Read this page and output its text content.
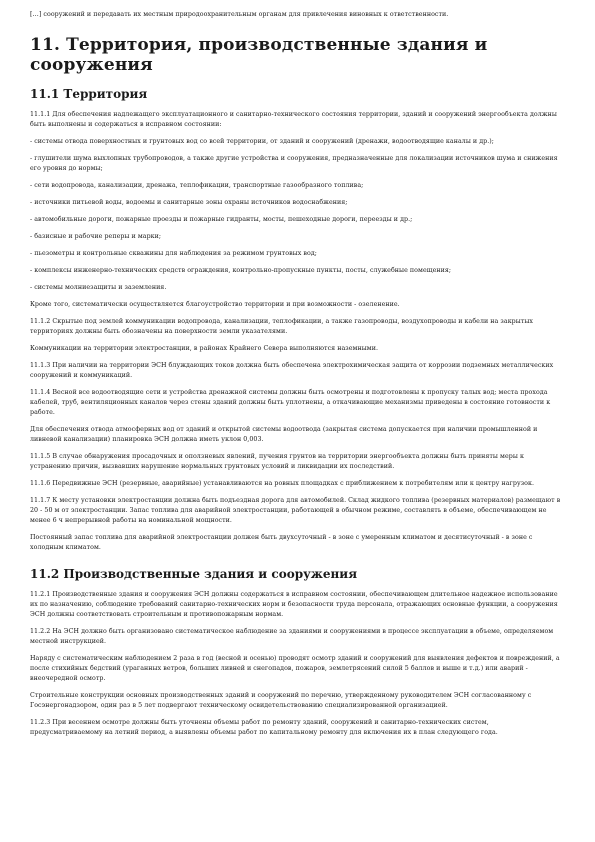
[…] сооружений и передавать их местным природоохранительным органам для привлечения виновных к ответственности.

11. Территория, производственные здания и сооружения
11.1 Территория

11.1.1 Для обеспечения надлежащего эксплуатационного и санитарно-технического состояния территории, зданий и сооружений энергообъекта должны быть выполнены и содержаться в исправном состоянии:

- системы отвода поверхностных и грунтовых вод со всей территории, от зданий и сооружений (дренажи, водоотводящие каналы и др.);

- глушители шума выхлопных трубопроводов, а также другие устройства и сооружения, предназначенные для локализации источников шума и снижения его уровня до нормы;

- сети водопровода, канализации, дренажа, теплофикации, транспортные газообразного топлива;

- источники питьевой воды, водоемы и санитарные зоны охраны источников водоснабжения;

- автомобильные дороги, пожарные проезды и пожарные гидранты, мосты, пешеходные дороги, переезды и др.;

- базисные и рабочие реперы и марки;

- пьезометры и контрольные скважины для наблюдения за режимом грунтовых вод;

- комплексы инженерно-технических средств ограждения, контрольно-пропускные пункты, посты, служебные помещения;

- системы молниезащиты и заземления.

Кроме того, систематически осуществляется благоустройство территории и при возможности - озеленение.

11.1.2 Скрытые под землей коммуникации водопровода, канализации, теплофикации, а также газопроводы, воздухопроводы и кабели на закрытых территориях должны быть обозначены на поверхности земли указателями.

Коммуникации на территории электростанции, в районах Крайнего Севера выполняются наземными.

11.1.3 При наличии на территории ЭСН блуждающих токов должна быть обеспечена электрохимическая защита от коррозии подземных металлических сооружений и коммуникаций.

11.1.4 Весной все водоотводящие сети и устройства дренажной системы должны быть осмотрены и подготовлены к пропуску талых вод; места прохода кабелей, труб, вентиляционных каналов через стены зданий должны быть уплотнены, а откачивающие механизмы приведены в состояние готовности к работе.

Для обеспечения отвода атмосферных вод от зданий и открытой системы водоотвода (закрытая система допускается при наличии промышленной и ливневой канализации) планировка ЭСН должна иметь уклон 0,003.

11.1.5 В случае обнаружения просадочных и оползневых явлений, пучения грунтов на территории энергообъекта должны быть приняты меры к устранению причин, вызвавших нарушение нормальных грунтовых условий и ликвидации их последствий.

11.1.6 Передвижные ЭСН (резервные, аварийные) устанавливаются на ровных площадках с приближением к потребителям или к центру нагрузок.

11.1.7 К месту установки электростанции должна быть подъездная дорога для автомобилей. Склад жидкого топлива (резервных материалов) размещают в 20 - 50 м от электростанции. Запас топлива для аварийной электростанции, работающей в обычном режиме, составлять в объеме, обеспечивающем не менее 6 ч непрерывной работы на номинальной мощности.

Постоянный запас топлива для аварийной электростанции должен быть двухсуточный - в зоне с умеренным климатом и десятисуточный - в зоне с холодным климатом.

11.2 Производственные здания и сооружения

11.2.1 Производственные здания и сооружения ЭСН должны содержаться в исправном состоянии, обеспечивающем длительное надежное использование их по назначению, соблюдение требований санитарно-технических норм и безопасности труда персонала, отражающих основные функции, а сооружения ЭСН должны соответствовать строительным и противопожарным нормам.

11.2.2 На ЭСН должно быть организовано систематическое наблюдение за зданиями и сооружениями в процессе эксплуатации в объеме, определяемом местной инструкцией.

Наряду с систематическим наблюдением 2 раза в год (весной и осенью) проводят осмотр зданий и сооружений для выявления дефектов и повреждений, а после стихийных бедствий (ураганных ветров, больших ливней и снегопадов, пожаров, землетрясений силой 5 баллов и выше и т.д.) или аварий - внеочередной осмотр.

Строительные конструкции основных производственных зданий и сооружений по перечню, утвержденному руководителем ЭСН согласованному с Госэнергонадзором, один раз в 5 лет подвергают техническому освидетельствованию специализированной организацией.

11.2.3 При весеннем осмотре должны быть уточнены объемы работ по ремонту зданий, сооружений и санитарно-технических систем, предусматриваемому на летний период, а выявлены объемы работ по капитальному ремонту для включения их в план следующего года.
